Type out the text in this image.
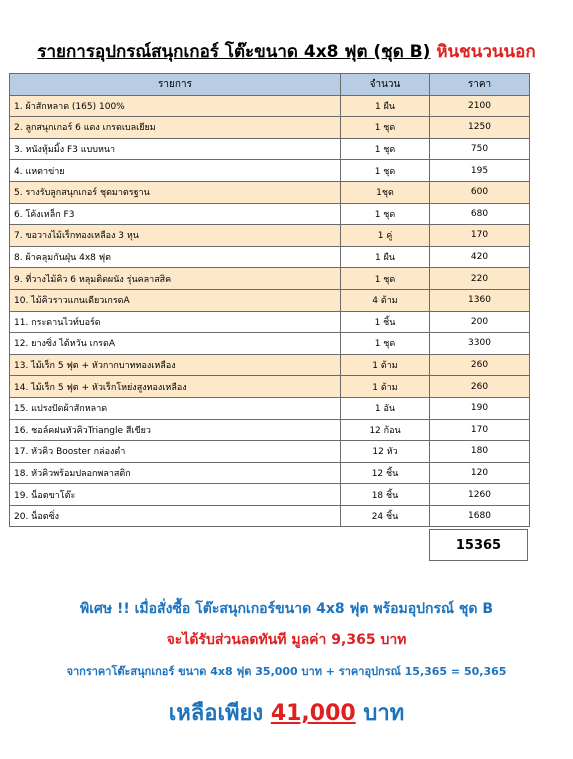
รายการอุปกรณ์สนุกเกอร์ โต๊ะขนาด 4x8 ฟุต (ชุด B) หินชนวนนอก
รายการ	จำนวน	ราคา
1. ผ้าสักหลาด (165) 100%	1 ผืน	2100
2. ลูกสนุกเกอร์ 6 แดง เกรดเบลเยียม	1 ชุด	1250
3. หนังหุ้มมิ้ง F3 แบบหนา	1 ชุด	750
4. แหตาข่าย	1 ชุด	195
5. รางรับลูกสนุกเกอร์ ชุดมาตรฐาน	1ชุด	600
6. โค้งเหล็ก F3	1 ชุด	680
7. ขอวางไม้เร็กทองเหลือง 3 หุน	1 คู่	170
8. ผ้าคลุมกันฝุ่น 4x8 ฟุต	1 ผืน	420
9. ที่วางไม้คิว 6 หลุมติดผนัง รุ่นคลาสสิค	1 ชุด	220
10. ไม้คิวราวแกนเดียวเกรดA	4 ด้าม	1360
11. กระดานไวท์บอร์ด	1 ชิ้น	200
12. ยางซิ่ง ไต้หวัน เกรดA	1 ชุด	3300
13. ไม้เร็ก 5 ฟุต + หัวกากบาททองเหลือง	1 ด้าม	260
14. ไม้เร็ก 5 ฟุต + หัวเร็กโหย่งสูงทองเหลือง	1 ด้าม	260
15. แปรงปัดผ้าสักหลาด	1 อัน	190
16. ชอล์คฝนหัวคิวTriangle สีเขียว	12 ก้อน	170
17. หัวคิว Booster กล่องดำ	12 หัว	180
18. หัวคิวพร้อมปลอกพลาสติก	12 ชิ้น	120
19. น็อตขาโต๊ะ	18 ชิ้น	1260
20. น็อตซิ่ง	24 ชิ้น	1680
15365
พิเศษ !! เมื่อสั่งซื้อ โต๊ะสนุกเกอร์ขนาด 4x8 ฟุต พร้อมอุปกรณ์ ชุด B
จะได้รับส่วนลดทันที มูลค่า 9,365 บาท
จากราคาโต๊ะสนุกเกอร์ ขนาด 4x8 ฟุต 35,000 บาท + ราคาอุปกรณ์ 15,365 = 50,365
เหลือเพียง 41,000 บาท
